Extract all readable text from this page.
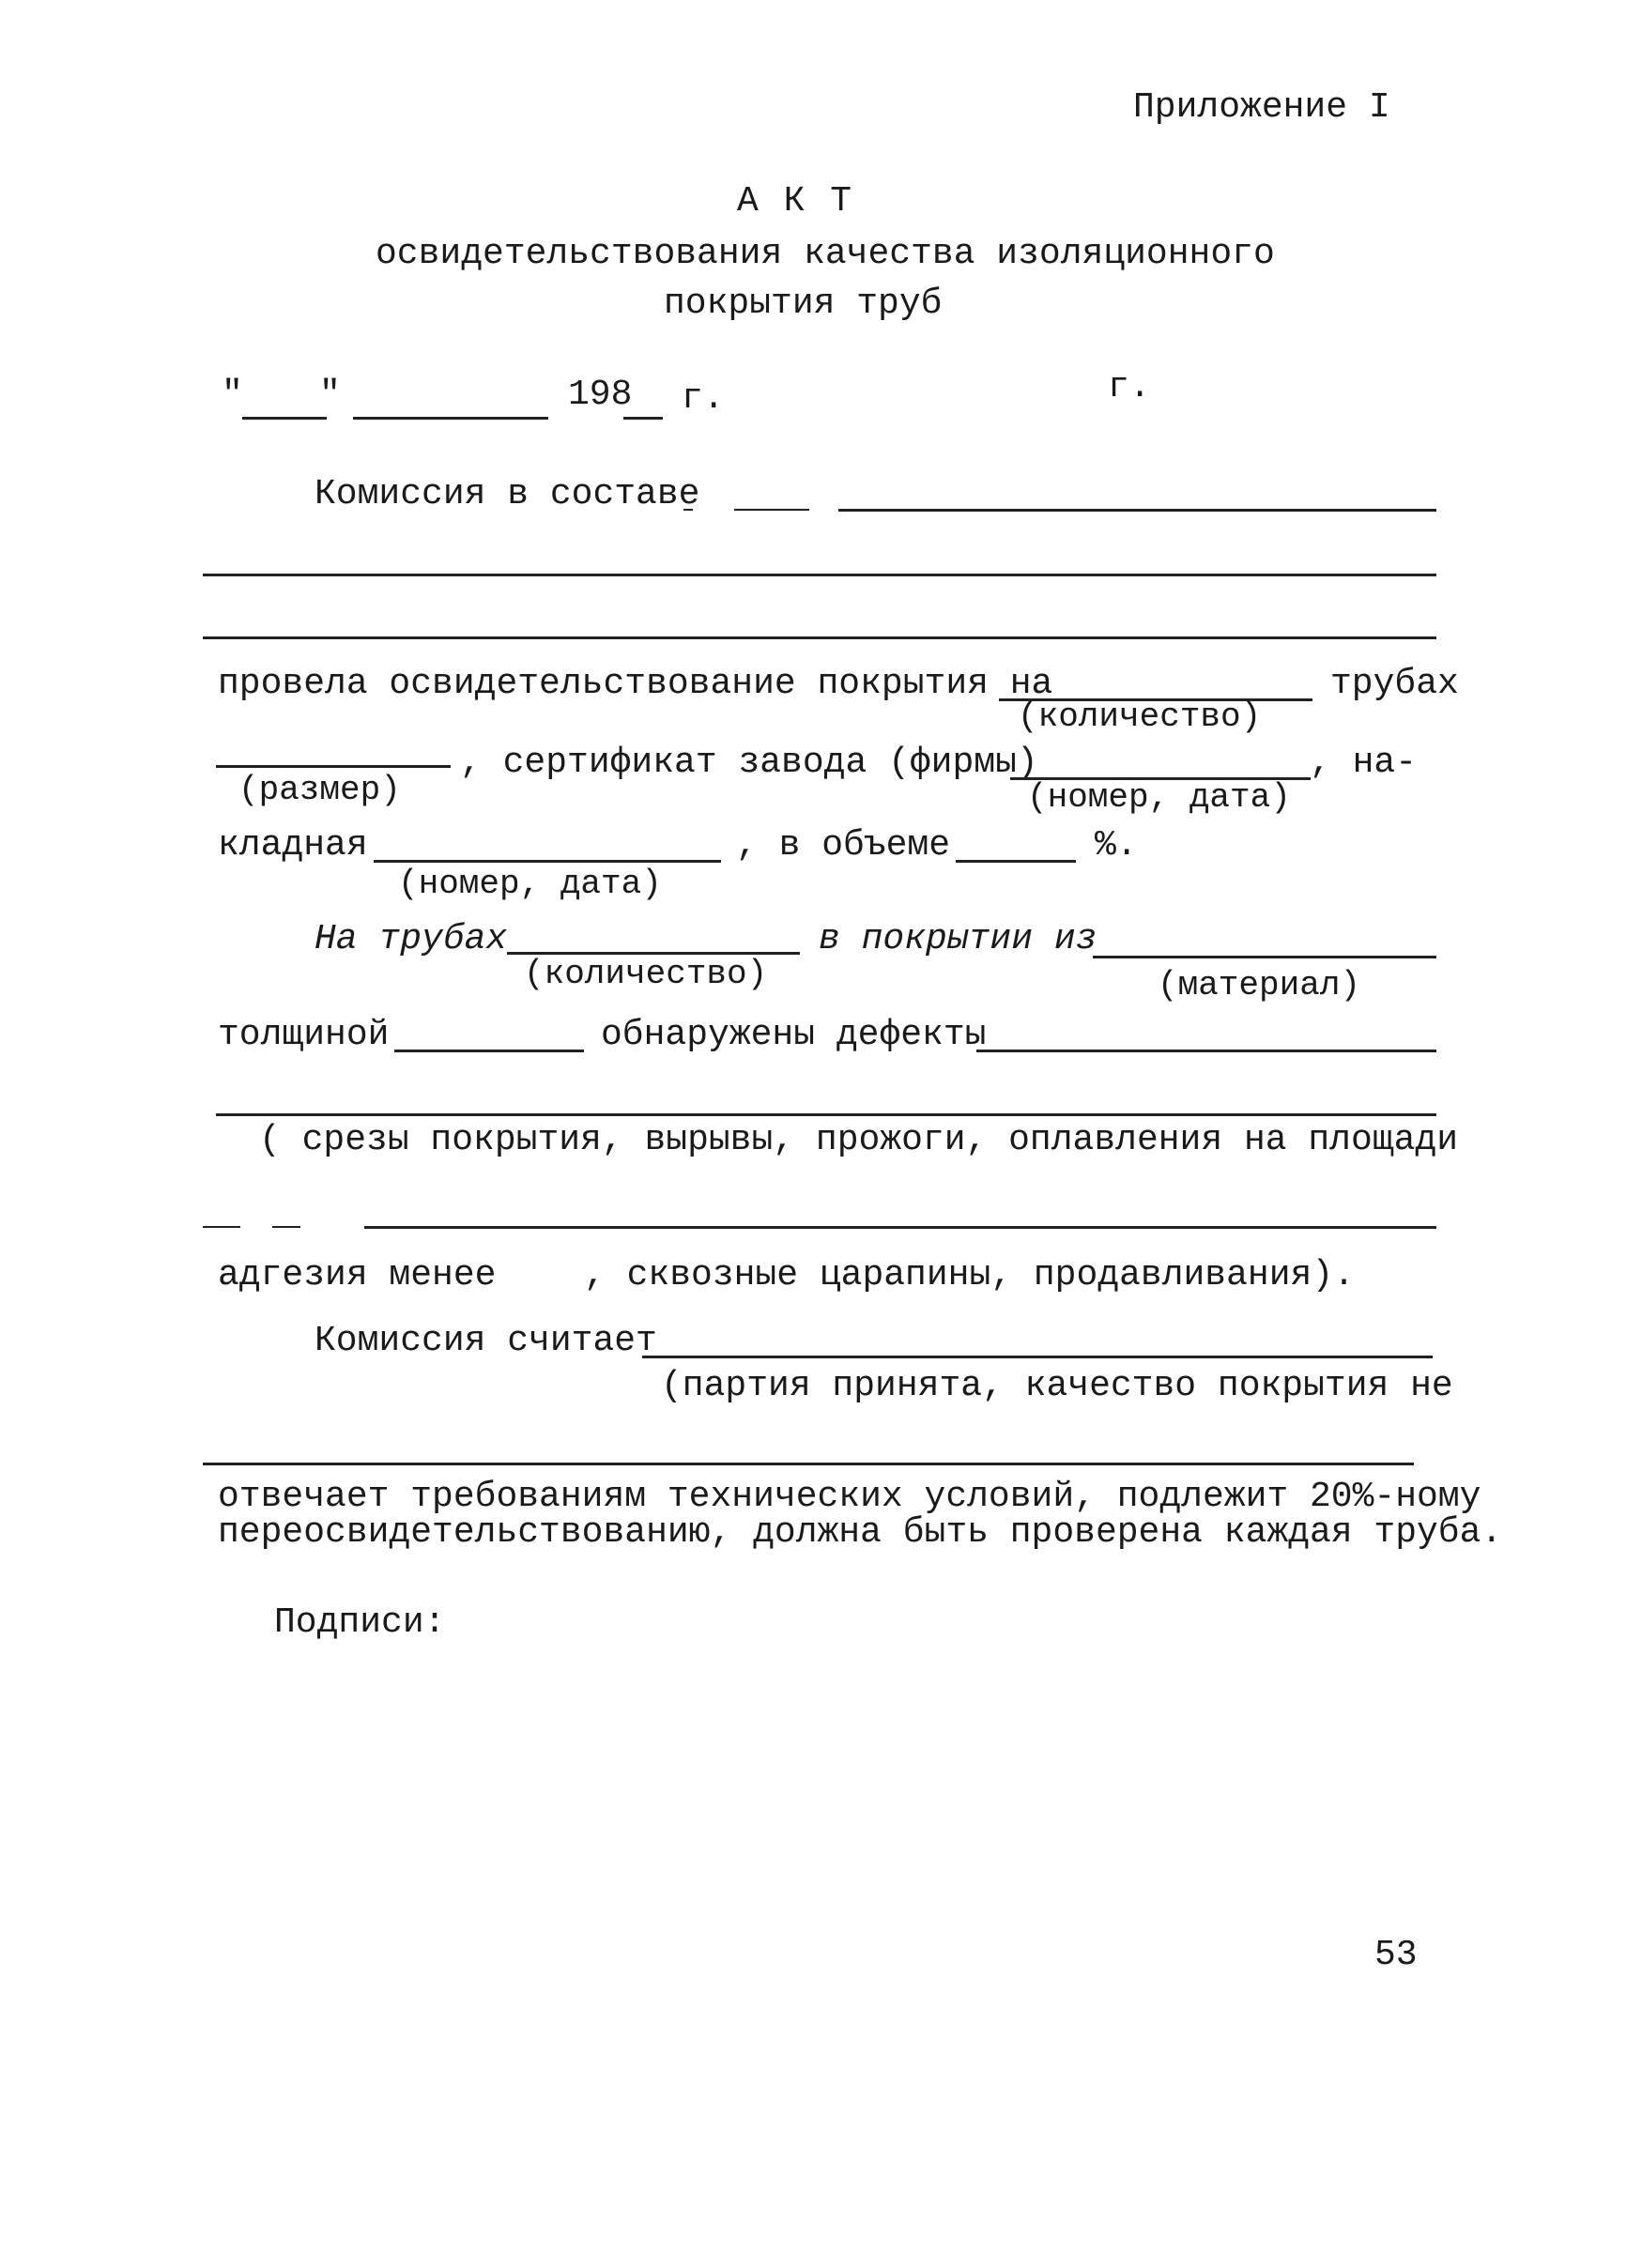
Приложение I
А К Т
освидетельствования качества изоляционного
покрытия труб
" "	198 г.	г.
Комиссия в составе
провела освидетельствование покрытия на
(количество)
трубах
(размер)
, сертификат завода (фирмы)
(номер, дата)
, на-
кладная
(номер, дата)
, в объеме	%.
На трубах
(количество)
в покрытии из
(материал)
толщиной	обнаружены дефекты
( срезы покрытия, вырывы, прожоги, оплавления на площади
адгезия менее , сквозные царапины, продавливания).
Комиссия считает
(партия принята, качество покрытия не
отвечает требованиям технических условий, подлежит 20%-ному
переосвидетельствованию, должна быть проверена каждая труба.
Подписи:
53
